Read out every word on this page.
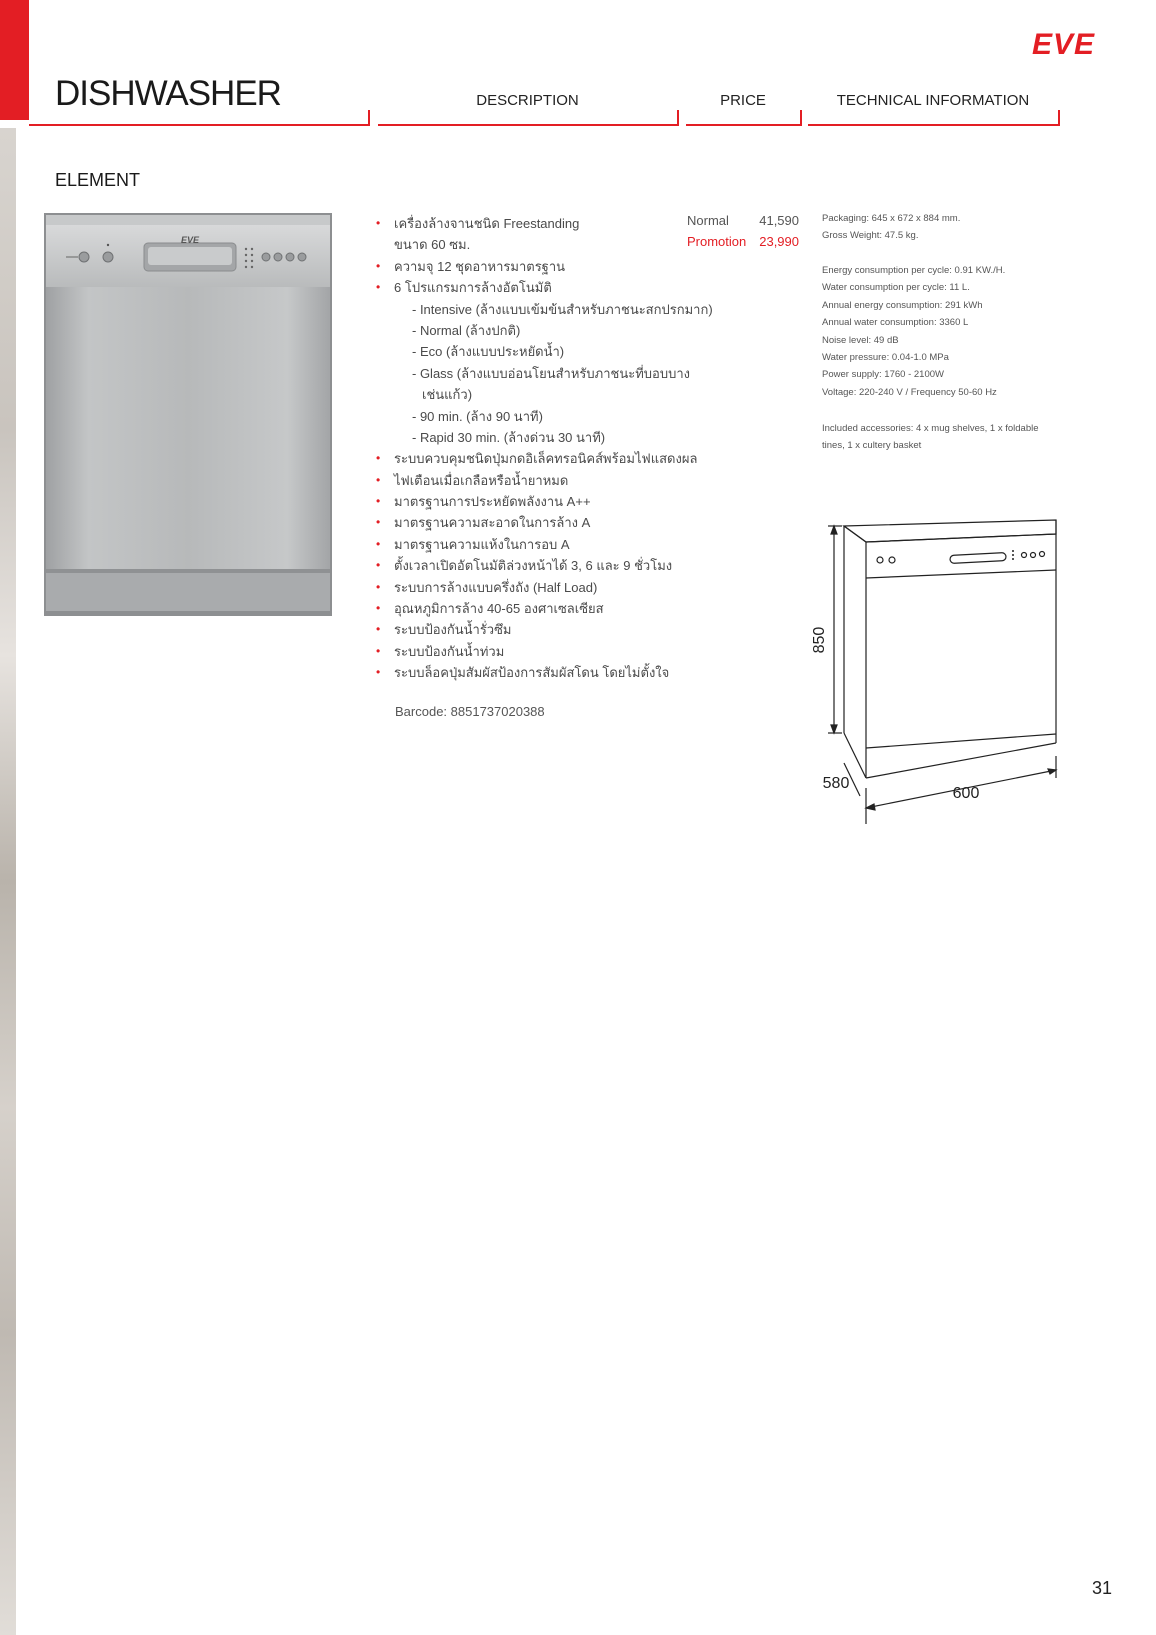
EVE
DISHWASHER	DESCRIPTION	PRICE	TECHNICAL INFORMATION
ELEMENT
EVE
• เครื่องล้างจานชนิด Freestanding
ขนาด 60 ซม.
• ความจุ 12 ชุดอาหารมาตรฐาน
• 6 โปรแกรมการล้างอัตโนมัติ
- Intensive (ล้างแบบเข้มข้นสำหรับภาชนะสกปรกมาก)
- Normal (ล้างปกติ)
- Eco (ล้างแบบประหยัดน้ำ)
- Glass (ล้างแบบอ่อนโยนสำหรับภาชนะที่บอบบาง
เช่นแก้ว)
- 90 min. (ล้าง 90 นาที)
- Rapid 30 min. (ล้างด่วน 30 นาที)
• ระบบควบคุมชนิดปุ่มกดอิเล็คทรอนิคส์พร้อมไฟแสดงผล
• ไฟเตือนเมื่อเกลือหรือน้ำยาหมด
• มาตรฐานการประหยัดพลังงาน A++
• มาตรฐานความสะอาดในการล้าง A
• มาตรฐานความแห้งในการอบ A
• ตั้งเวลาเปิดอัตโนมัติล่วงหน้าได้ 3, 6 และ 9 ชั่วโมง
• ระบบการล้างแบบครึ่งถัง (Half Load)
• อุณหภูมิการล้าง 40-65 องศาเซลเซียส
• ระบบป้องกันน้ำรั่วซึม
• ระบบป้องกันน้ำท่วม
• ระบบล็อคปุ่มสัมผัสป้องการสัมผัสโดน โดยไม่ตั้งใจ
Barcode: 8851737020388
Normal 41,590
Promotion 23,990
Packaging: 645 x 672 x 884 mm.
Gross Weight: 47.5 kg.
Energy consumption per cycle: 0.91 KW./H.
Water consumption per cycle: 11 L.
Annual energy consumption: 291 kWh
Annual water consumption: 3360 L
Noise level: 49 dB
Water pressure: 0.04-1.0 MPa
Power supply: 1760 - 2100W
Voltage: 220-240 V / Frequency 50-60 Hz
Included accessories: 4 x mug shelves, 1 x foldable
tines, 1 x cultery basket
850
580
600
31
